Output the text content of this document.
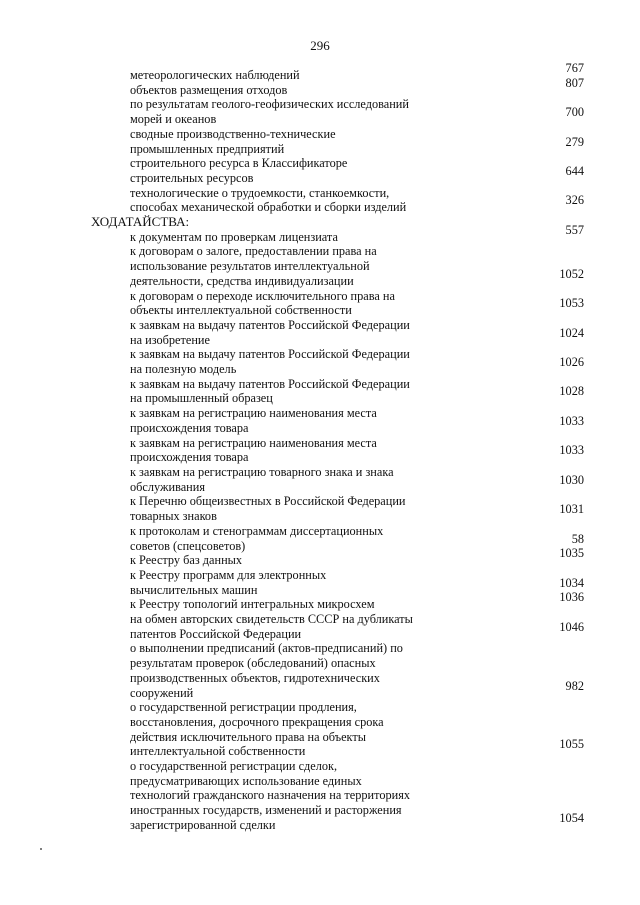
296
метеорологических наблюдений	767
объектов размещения отходов	807
по результатам геолого-геофизических исследований
морей и океанов	700
сводные производственно-технические
промышленных предприятий	279
строительного ресурса в Классификаторе
строительных ресурсов	644
технологические о трудоемкости, станкоемкости,
способах механической обработки и сборки изделий	326
ХОДАТАЙСТВА:
к документам по проверкам лицензиата	557
к договорам о залоге, предоставлении права на
использование результатов интеллектуальной
деятельности, средства индивидуализации	1052
к договорам о переходе исключительного права на
объекты интеллектуальной собственности	1053
к заявкам на выдачу патентов Российской Федерации
на изобретение	1024
к заявкам на выдачу патентов Российской Федерации
на полезную модель	1026
к заявкам на выдачу патентов Российской Федерации
на промышленный образец	1028
к заявкам на регистрацию наименования места
происхождения товара	1033
к заявкам на регистрацию наименования места
происхождения товара	1033
к заявкам на регистрацию товарного знака и знака
обслуживания	1030
к Перечню общеизвестных в Российской Федерации
товарных знаков	1031
к протоколам и стенограммам диссертационных
советов (спецсоветов)	58
к Реестру баз данных	1035
к Реестру программ для электронных
вычислительных машин	1034
к Реестру топологий интегральных микросхем	1036
на обмен авторских свидетельств СССР на дубликаты
патентов Российской Федерации	1046
о выполнении предписаний (актов-предписаний) по
результатам проверок (обследований) опасных
производственных объектов, гидротехнических
сооружений	982
о государственной регистрации продления,
восстановления, досрочного прекращения срока
действия исключительного права на объекты
интеллектуальной собственности	1055
о государственной регистрации сделок,
предусматривающих использование единых
технологий гражданского назначения на территориях
иностранных государств, изменений и расторжения
зарегистрированной сделки	1054
